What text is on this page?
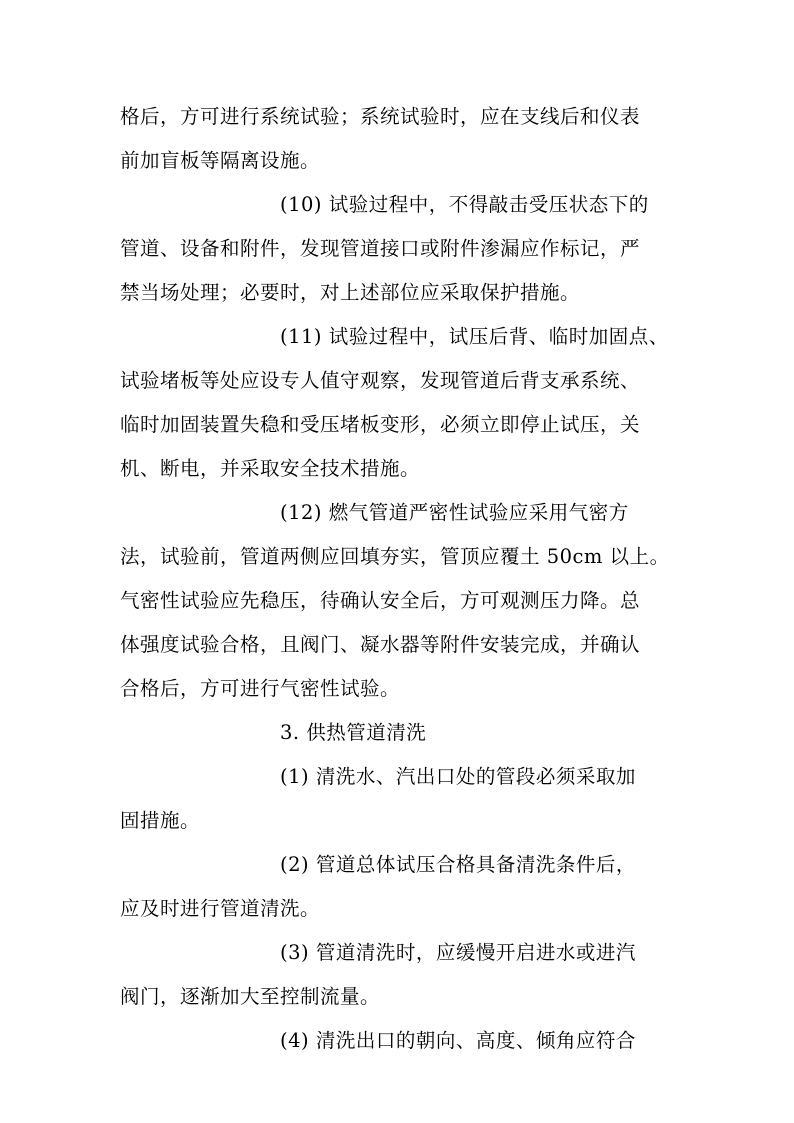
格后，方可进行系统试验；系统试验时，应在支线后和仪表
前加盲板等隔离设施。
(10) 试验过程中，不得敲击受压状态下的
管道、设备和附件，发现管道接口或附件渗漏应作标记，严
禁当场处理；必要时，对上述部位应采取保护措施。
(11) 试验过程中，试压后背、临时加固点、
试验堵板等处应设专人值守观察，发现管道后背支承系统、
临时加固装置失稳和受压堵板变形，必须立即停止试压，关
机、断电，并采取安全技术措施。
(12) 燃气管道严密性试验应采用气密方
法，试验前，管道两侧应回填夯实，管顶应覆土 50cm 以上。
气密性试验应先稳压，待确认安全后，方可观测压力降。总
体强度试验合格，且阀门、凝水器等附件安装完成，并确认
合格后，方可进行气密性试验。
3. 供热管道清洗
(1) 清洗水、汽出口处的管段必须采取加
固措施。
(2) 管道总体试压合格具备清洗条件后，
应及时进行管道清洗。
(3) 管道清洗时，应缓慢开启进水或进汽
阀门，逐渐加大至控制流量。
(4) 清洗出口的朝向、高度、倾角应符合
